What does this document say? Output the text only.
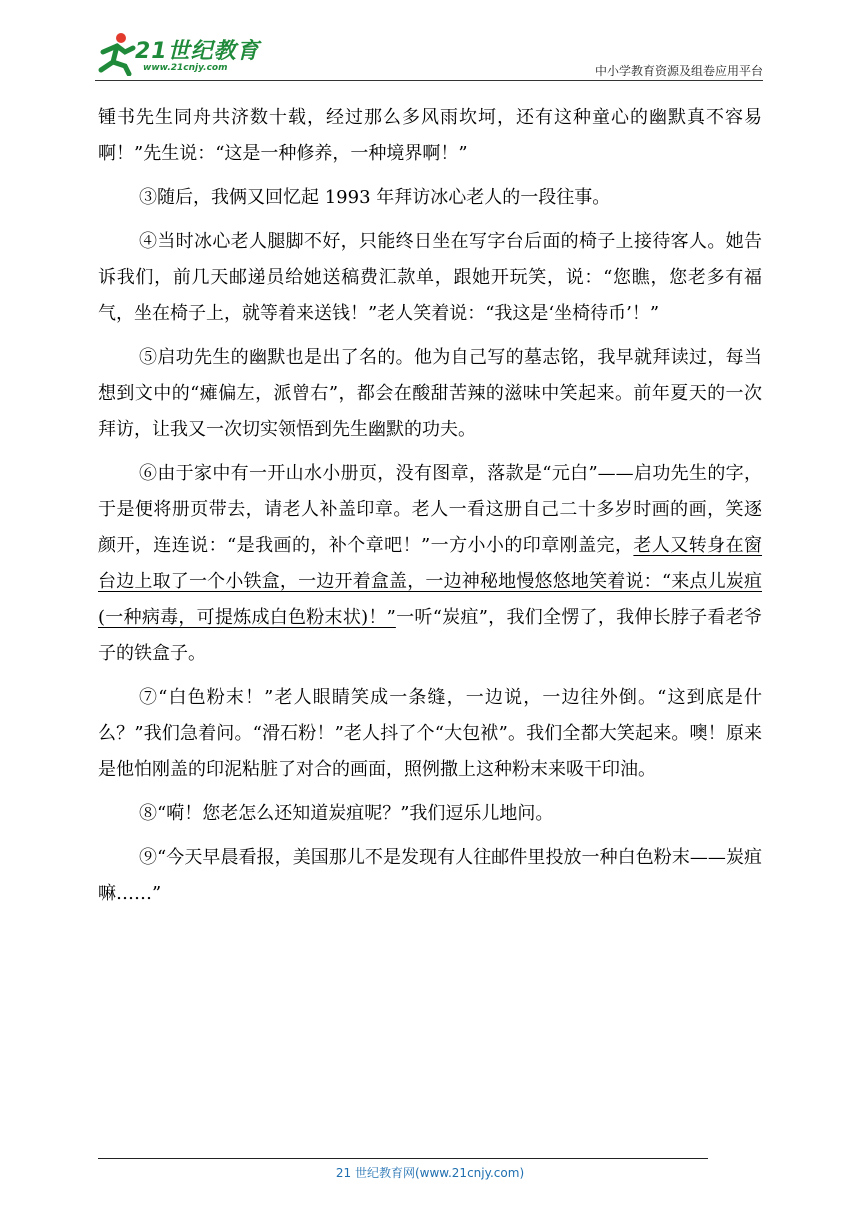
21世纪教育
www.21cnjy.com	中小学教育资源及组卷应用平台

锺书先生同舟共济数十载，经过那么多风雨坎坷，还有这种童心的幽默真不容易啊！”先生说：“这是一种修养，一种境界啊！”

③随后，我俩又回忆起 1993 年拜访冰心老人的一段往事。

④当时冰心老人腿脚不好，只能终日坐在写字台后面的椅子上接待客人。她告诉我们，前几天邮递员给她送稿费汇款单，跟她开玩笑，说：“您瞧，您老多有福气，坐在椅子上，就等着来送钱！”老人笑着说：“我这是‘坐椅待币’！”

⑤启功先生的幽默也是出了名的。他为自己写的墓志铭，我早就拜读过，每当想到文中的“瘫偏左，派曾右”，都会在酸甜苦辣的滋味中笑起来。前年夏天的一次拜访，让我又一次切实领悟到先生幽默的功夫。

⑥由于家中有一开山水小册页，没有图章，落款是“元白”——启功先生的字，于是便将册页带去，请老人补盖印章。老人一看这册自己二十多岁时画的画，笑逐颜开，连连说：“是我画的，补个章吧！”一方小小的印章刚盖完，老人又转身在窗台边上取了一个小铁盒，一边开着盒盖，一边神秘地慢悠悠地笑着说：“来点儿炭疽(一种病毒，可提炼成白色粉末状)！”一听“炭疽”，我们全愣了，我伸长脖子看老爷子的铁盒子。

⑦“白色粉末！”老人眼睛笑成一条缝，一边说，一边往外倒。“这到底是什么？”我们急着问。“滑石粉！”老人抖了个“大包袱”。我们全都大笑起来。噢！原来是他怕刚盖的印泥粘脏了对合的画面，照例撒上这种粉末来吸干印油。

⑧“嗬！您老怎么还知道炭疽呢？”我们逗乐儿地问。

⑨“今天早晨看报，美国那儿不是发现有人往邮件里投放一种白色粉末——炭疽嘛……”

21 世纪教育网(www.21cnjy.com)
